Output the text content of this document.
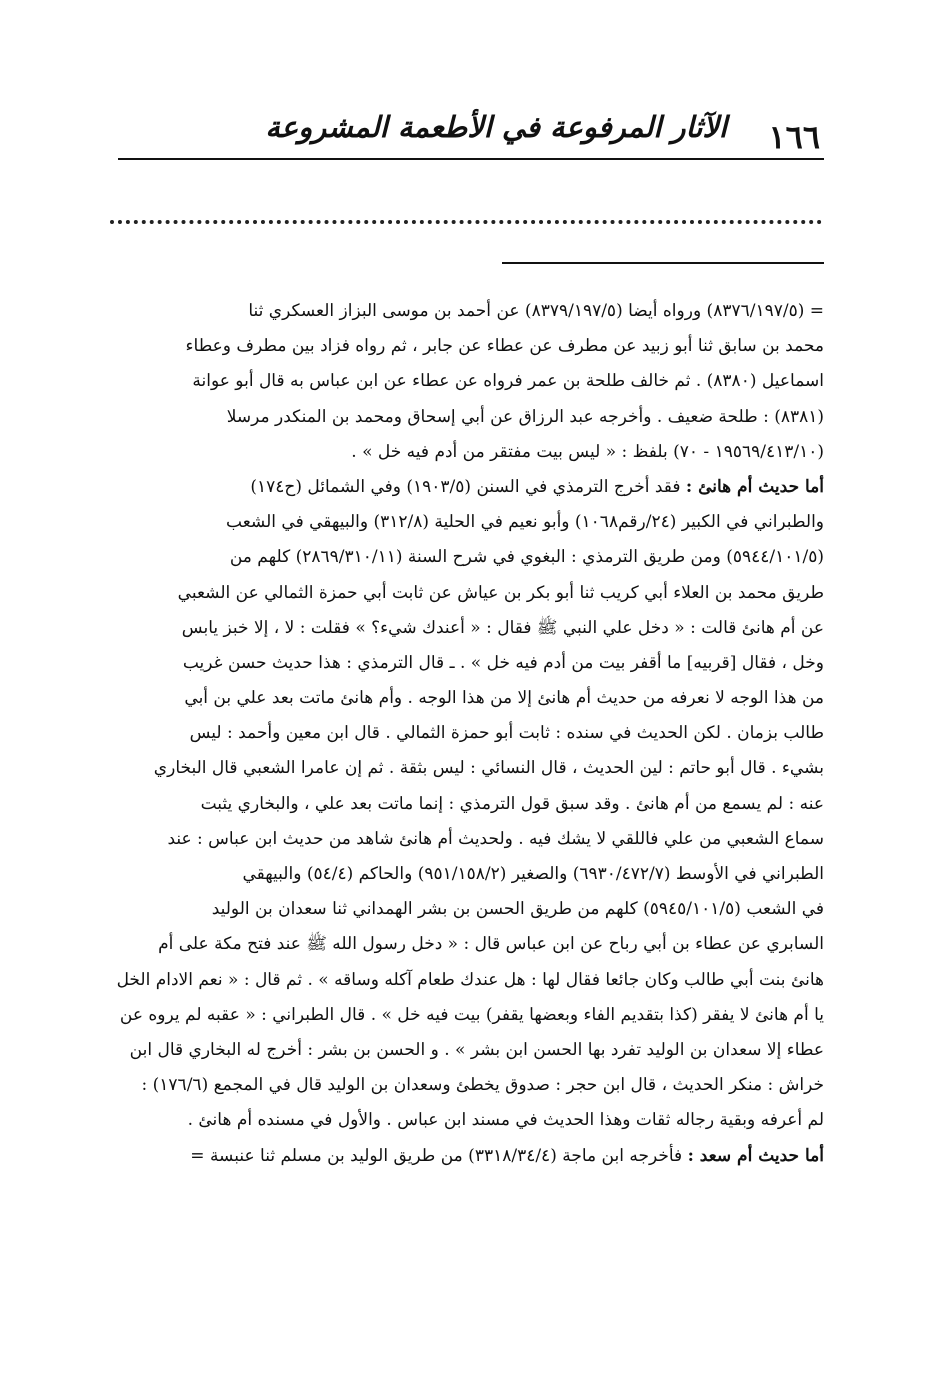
١٦٦
الآثار المرفوعة في الأطعمة المشروعة
= (٨٣٧٦/١٩٧/٥) ورواه أيضا (٨٣٧٩/١٩٧/٥) عن أحمد بن موسى البزاز العسكري ثنا
محمد بن سابق ثنا أبو زبيد عن مطرف عن عطاء عن جابر ، ثم رواه فزاد بين مطرف وعطاء
اسماعيل (٨٣٨٠) . ثم خالف طلحة بن عمر فرواه عن عطاء عن ابن عباس به قال أبو عوانة
(٨٣٨١) : طلحة ضعيف . وأخرجه عبد الرزاق عن أبي إسحاق ومحمد بن المنكدر مرسلا
(١٩٥٦٩/٤١٣/١٠ - ٧٠) بلفظ : « ليس بيت مفتقر من أدم فيه خل » .
أما حديث أم هانئ : فقد أخرج الترمذي في السنن (١٩٠٣/٥) وفي الشمائل (ح١٧٤)
والطبراني في الكبير (٢٤/رقم١٠٦٨) وأبو نعيم في الحلية (٣١٢/٨) والبيهقي في الشعب
(٥٩٤٤/١٠١/٥) ومن طريق الترمذي : البغوي في شرح السنة (٢٨٦٩/٣١٠/١١) كلهم من
طريق محمد بن العلاء أبي كريب ثنا أبو بكر بن عياش عن ثابت أبي حمزة الثمالي عن الشعبي
عن أم هانئ قالت : « دخل علي النبي ﷺ فقال : « أعندك شيء؟ » فقلت : لا ، إلا خبز يابس
وخل ، فقال [قربيه] ما أقفر بيت من أدم فيه خل » . ـ قال الترمذي : هذا حديث حسن غريب
من هذا الوجه لا نعرفه من حديث أم هانئ إلا من هذا الوجه . وأم هانئ ماتت بعد علي بن أبي
طالب بزمان . لكن الحديث في سنده : ثابت أبو حمزة الثمالي . قال ابن معين وأحمد : ليس
بشيء . قال أبو حاتم : لين الحديث ، قال النسائي : ليس بثقة . ثم إن عامرا الشعبي قال البخاري
عنه : لم يسمع من أم هانئ . وقد سبق قول الترمذي : إنما ماتت بعد علي ، والبخاري يثبت
سماع الشعبي من علي فاللقي لا يشك فيه . ولحديث أم هانئ شاهد من حديث ابن عباس : عند
الطبراني في الأوسط (٦٩٣٠/٤٧٢/٧) والصغير (٩٥١/١٥٨/٢) والحاكم (٥٤/٤) والبيهقي
في الشعب (٥٩٤٥/١٠١/٥) كلهم من طريق الحسن بن بشر الهمداني ثنا سعدان بن الوليد
السابري عن عطاء بن أبي رباح عن ابن عباس قال : « دخل رسول الله ﷺ عند فتح مكة على أم
هانئ بنت أبي طالب وكان جائعا فقال لها : هل عندك طعام آكله وساقه » . ثم قال : « نعم الادام الخل
يا أم هانئ لا يفقر (كذا بتقديم الفاء وبعضها يقفر) بيت فيه خل » . قال الطبراني : « عقبه لم يروه عن
عطاء إلا سعدان بن الوليد تفرد بها الحسن ابن بشر » . و الحسن بن بشر : أخرج له البخاري قال ابن
خراش : منكر الحديث ، قال ابن حجر : صدوق يخطئ وسعدان بن الوليد قال في المجمع (١٧٦/٦) :
لم أعرفه وبقية رجاله ثقات وهذا الحديث في مسند ابن عباس . والأول في مسنده أم هانئ .
أما حديث أم سعد : فأخرجه ابن ماجة (٣٣١٨/٣٤/٤) من طريق الوليد بن مسلم ثنا عنبسة =
